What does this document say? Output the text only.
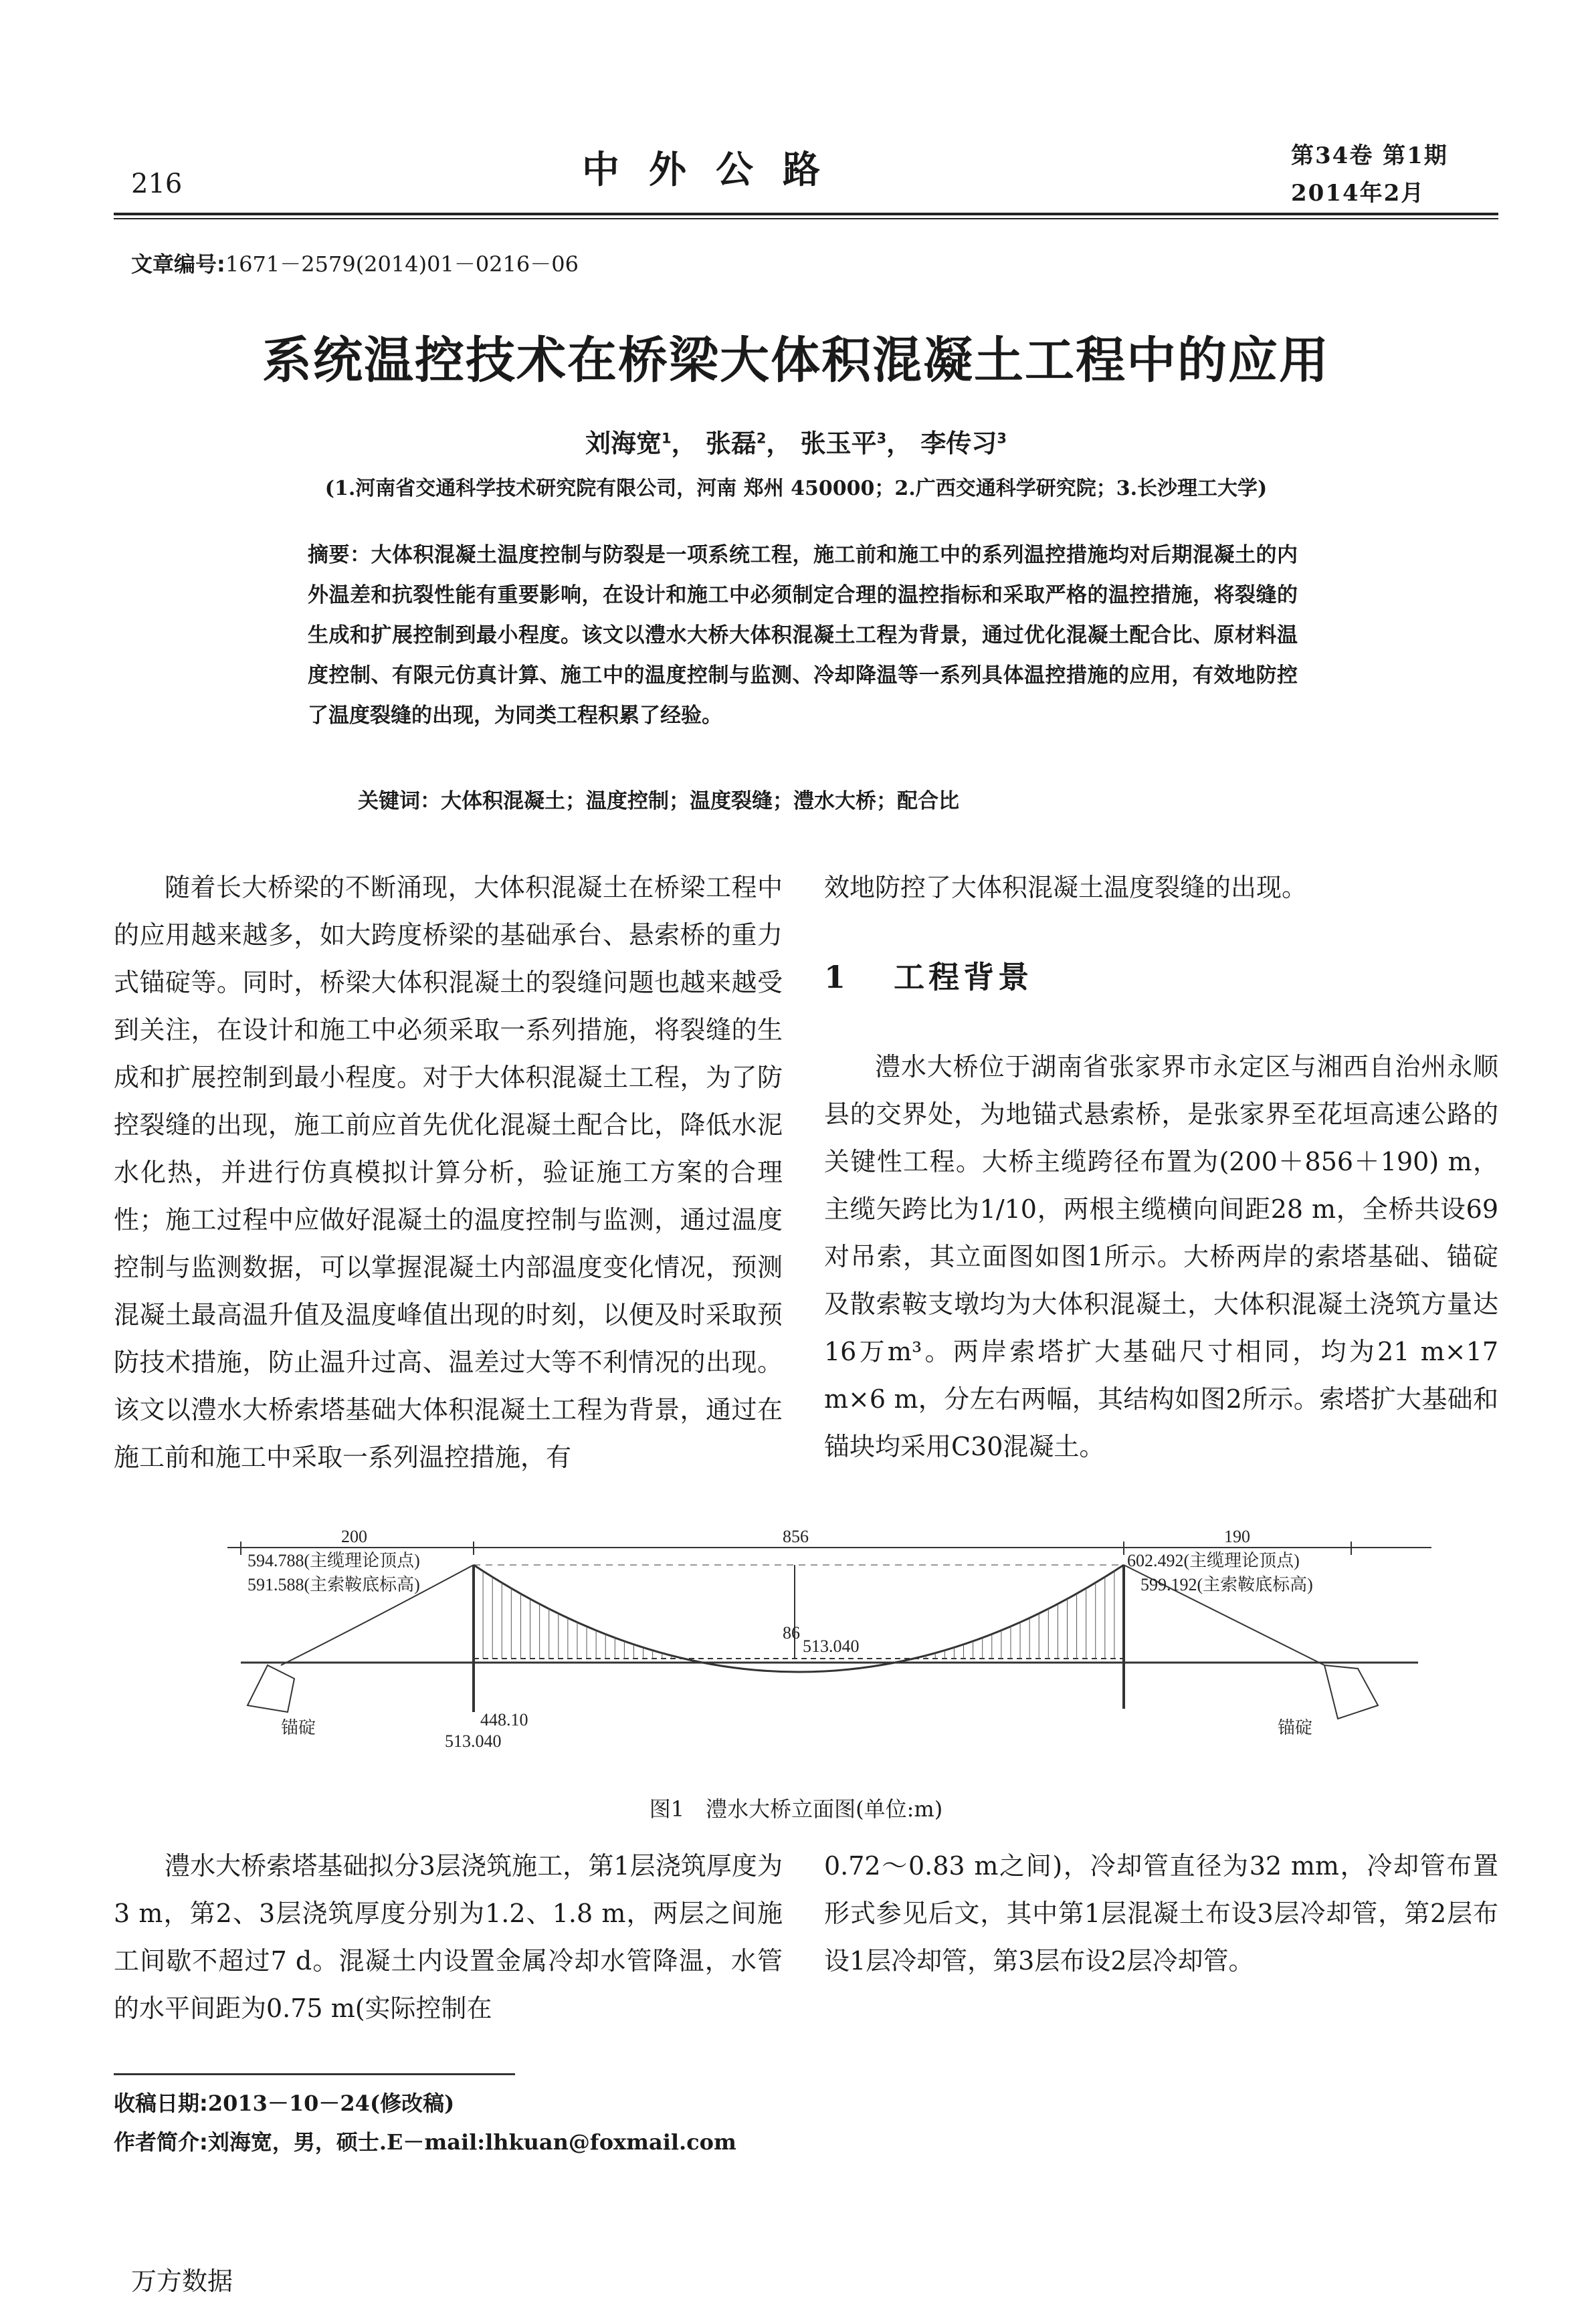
216	中外公路	第34卷 第1期
2014年2月
文章编号:1671－2579(2014)01－0216－06
系统温控技术在桥梁大体积混凝土工程中的应用
刘海宽$^1$， 张磊$^2$， 张玉平$^3$， 李传习$^3$
(1.河南省交通科学技术研究院有限公司，河南 郑州 450000；2.广西交通科学研究院；3.长沙理工大学)
摘要：大体积混凝土温度控制与防裂是一项系统工程，施工前和施工中的系列温控措施均对后期混凝土的内外温差和抗裂性能有重要影响，在设计和施工中必须制定合理的温控指标和采取严格的温控措施，将裂缝的生成和扩展控制到最小程度。该文以澧水大桥大体积混凝土工程为背景，通过优化混凝土配合比、原材料温度控制、有限元仿真计算、施工中的温度控制与监测、冷却降温等一系列具体温控措施的应用，有效地防控了温度裂缝的出现，为同类工程积累了经验。
关键词：大体积混凝土；温度控制；温度裂缝；澧水大桥；配合比
随着长大桥梁的不断涌现，大体积混凝土在桥梁工程中的应用越来越多，如大跨度桥梁的基础承台、悬索桥的重力式锚碇等。同时，桥梁大体积混凝土的裂缝问题也越来越受到关注，在设计和施工中必须采取一系列措施，将裂缝的生成和扩展控制到最小程度。对于大体积混凝土工程，为了防控裂缝的出现，施工前应首先优化混凝土配合比，降低水泥水化热，并进行仿真模拟计算分析，验证施工方案的合理性；施工过程中应做好混凝土的温度控制与监测，通过温度控制与监测数据，可以掌握混凝土内部温度变化情况，预测混凝土最高温升值及温度峰值出现的时刻，以便及时采取预防技术措施，防止温升过高、温差过大等不利情况的出现。该文以澧水大桥索塔基础大体积混凝土工程为背景，通过在施工前和施工中采取一系列温控措施，有
效地防控了大体积混凝土温度裂缝的出现。
1 工程背景
澧水大桥位于湖南省张家界市永定区与湘西自治州永顺县的交界处，为地锚式悬索桥，是张家界至花垣高速公路的关键性工程。大桥主缆跨径布置为(200＋856＋190) m，主缆矢跨比为1/10，两根主缆横向间距28 m，全桥共设69对吊索，其立面图如图1所示。大桥两岸的索塔基础、锚碇及散索鞍支墩均为大体积混凝土，大体积混凝土浇筑方量达16万m³。两岸索塔扩大基础尺寸相同，均为21 m×17 m×6 m，分左右两幅，其结构如图2所示。索塔扩大基础和锚块均采用C30混凝土。
200	856	190
594.788(主缆理论顶点)
591.588(主索鞍底标高)
602.492(主缆理论顶点)
599.192(主索鞍底标高)
86
513.040
448.10
513.040
锚碇	锚碇
图1　澧水大桥立面图(单位:m)
澧水大桥索塔基础拟分3层浇筑施工，第1层浇筑厚度为3 m，第2、3层浇筑厚度分别为1.2、1.8 m，两层之间施工间歇不超过7 d。混凝土内设置金属冷却水管降温，水管的水平间距为0.75 m(实际控制在
0.72～0.83 m之间)，冷却管直径为32 mm，冷却管布置形式参见后文，其中第1层混凝土布设3层冷却管，第2层布设1层冷却管，第3层布设2层冷却管。
收稿日期:2013－10－24(修改稿)
作者简介:刘海宽，男，硕士.E－mail:lhkuan@foxmail.com
万方数据
